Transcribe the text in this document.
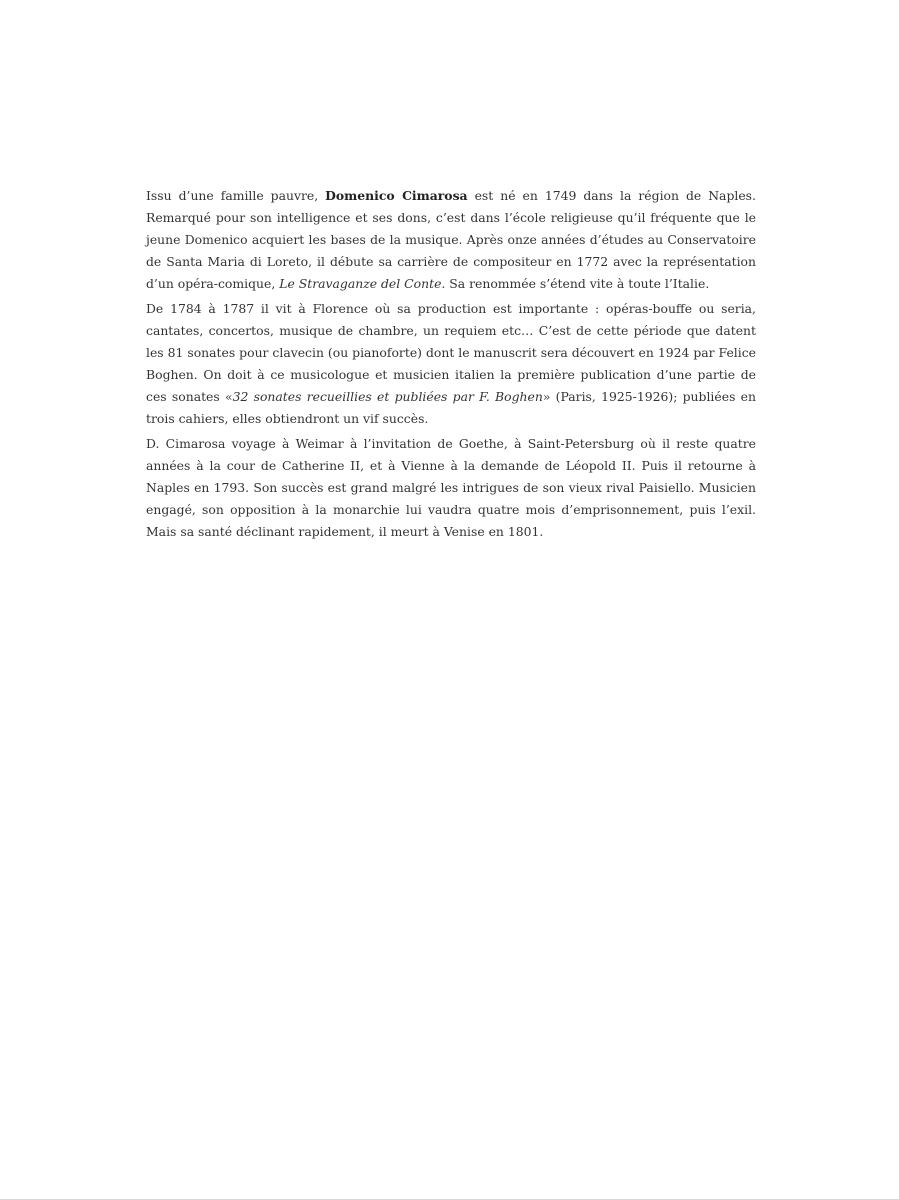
Issu d’une famille pauvre, Domenico Cimarosa est né en 1749 dans la région de Naples. Remarqué pour son intelligence et ses dons, c’est dans l’école religieuse qu’il fréquente que le jeune Domenico acquiert les bases de la musique. Après onze années d’études au Conservatoire de Santa Maria di Loreto, il débute sa carrière de compositeur en 1772 avec la représentation d’un opéra-comique, Le Stravaganze del Conte. Sa renommée s’étend vite à toute l’Italie.

De 1784 à 1787 il vit à Florence où sa production est importante : opéras-bouffe ou seria, cantates, concertos, musique de chambre, un requiem etc… C’est de cette période que datent les 81 sonates pour clavecin (ou pianoforte) dont le manuscrit sera découvert en 1924 par Felice Boghen. On doit à ce musicologue et musicien italien la première publication d’une partie de ces sonates «32 sonates recueillies et publiées par F. Boghen» (Paris, 1925-1926); publiées en trois cahiers, elles obtiendront un vif succès.

D. Cimarosa voyage à Weimar à l’invitation de Goethe, à Saint-Petersburg où il reste quatre années à la cour de Catherine II, et à Vienne à la demande de Léopold II. Puis il retourne à Naples en 1793. Son succès est grand malgré les intrigues de son vieux rival Paisiello. Musicien engagé, son opposition à la monarchie lui vaudra quatre mois d’emprisonnement, puis l’exil. Mais sa santé déclinant rapidement, il meurt à Venise en 1801.
